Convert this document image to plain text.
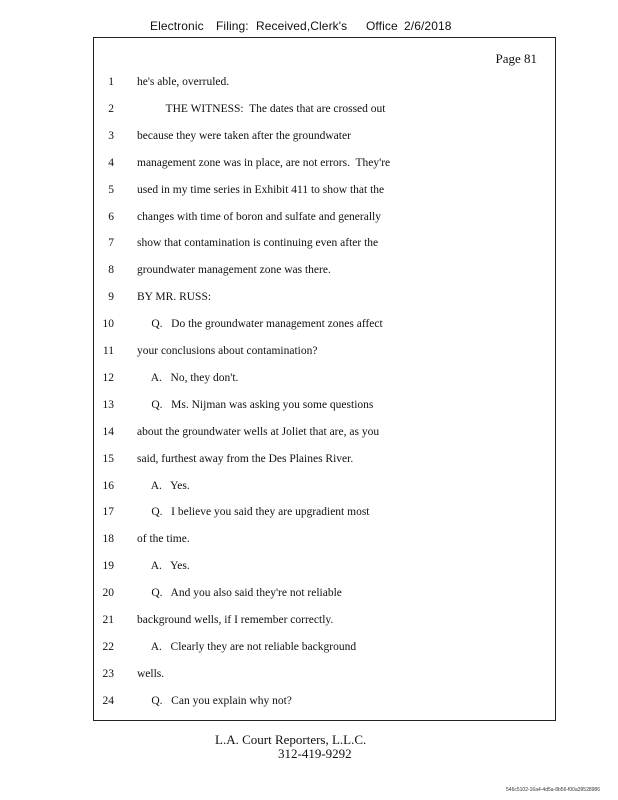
Electronic Filing: Received,Clerk's Office 2/6/2018
Page 81
1 he's able, overruled.
2 THE WITNESS:  The dates that are crossed out
3 because they were taken after the groundwater
4 management zone was in place, are not errors.  They're
5 used in my time series in Exhibit 411 to show that the
6 changes with time of boron and sulfate and generally
7 show that contamination is continuing even after the
8 groundwater management zone was there.
9 BY MR. RUSS:
10 Q.   Do the groundwater management zones affect
11 your conclusions about contamination?
12 A.   No, they don't.
13 Q.   Ms. Nijman was asking you some questions
14 about the groundwater wells at Joliet that are, as you
15 said, furthest away from the Des Plaines River.
16 A.   Yes.
17 Q.   I believe you said they are upgradient most
18 of the time.
19 A.   Yes.
20 Q.   And you also said they're not reliable
21 background wells, if I remember correctly.
22 A.   Clearly they are not reliable background
23 wells.
24 Q.   Can you explain why not?
L.A. Court Reporters, L.L.C.
312-419-9292
546c5102-16a4-4d5a-8b56-f00a39528986
